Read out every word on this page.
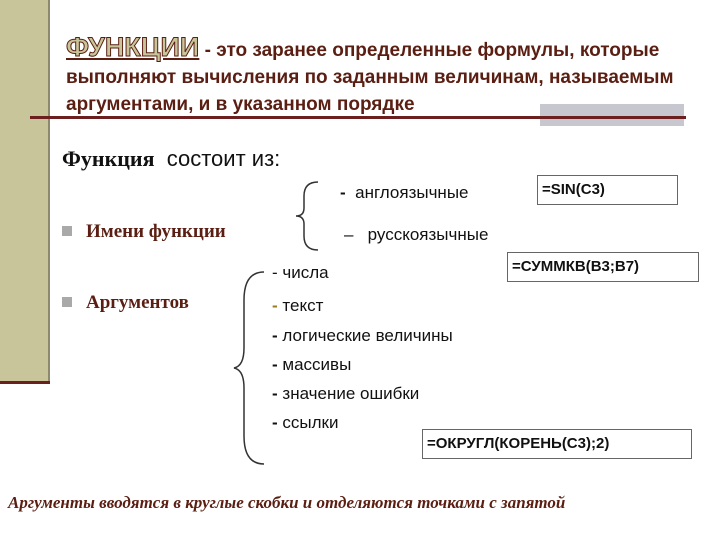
ФУНКЦИИ - это заранее определенные формулы, которые выполняют вычисления по заданным величинам, называемым аргументами, и в указанном порядке
Функция состоит из:
Имени функции
Аргументов
- англоязычные
– русскоязычные
- числа
- текст
- логические величины
- массивы
- значение ошибки
- ссылки
=SIN(C3)
=СУММКВ(B3;B7)
=ОКРУГЛ(КОРЕНЬ(С3);2)
Аргументы вводятся в круглые скобки и отделяются точками с запятой
